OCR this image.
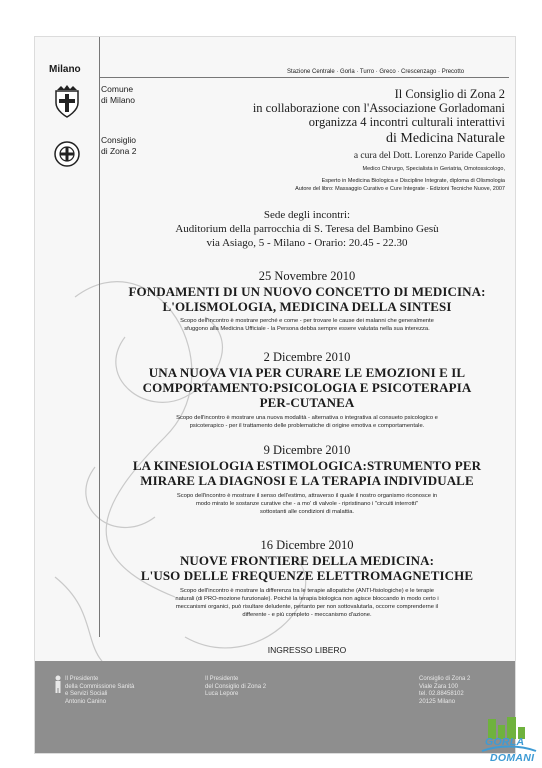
Milano	Stazione Centrale · Gorla · Turro · Greco · Crescenzago · Precotto
Comune
di Milano
Consiglio
di Zona 2
Il Consiglio di Zona 2
in collaborazione con l'Associazione Gorladomani
organizza 4 incontri culturali interattivi
di Medicina Naturale
a cura del Dott. Lorenzo Paride Capello
Medico Chirurgo, Specialista in Geriatria, Omotossicologo,
Esperto in Medicina Biologica e Discipline Integrate, diploma di Olismologia
Autore del libro: Massaggio Curativo e Cure Integrate - Edizioni Tecniche Nuove, 2007
Sede degli incontri:
Auditorium della parrocchia di S. Teresa del Bambino Gesù
via Asiago, 5 - Milano - Orario: 20.45 - 22.30
25 Novembre 2010
FONDAMENTI DI UN NUOVO CONCETTO DI MEDICINA:
L'OLISMOLOGIA, MEDICINA DELLA SINTESI
Scopo dell'incontro è mostrare perché e come - per trovare le cause dei malanni che generalmente
sfuggono alla Medicina Ufficiale - la Persona debba sempre essere valutata nella sua interezza.
2 Dicembre 2010
UNA NUOVA VIA PER CURARE LE EMOZIONI E IL
COMPORTAMENTO:PSICOLOGIA E PSICOTERAPIA
PER-CUTANEA
Scopo dell'incontro è mostrare una nuova modalità - alternativa o integrativa al consueto psicologico e
psicoterapico - per il trattamento delle problematiche di origine emotiva e comportamentale.
9 Dicembre 2010
LA KINESIOLOGIA ESTIMOLOGICA:STRUMENTO PER
MIRARE LA DIAGNOSI E LA TERAPIA INDIVIDUALE
Scopo dell'incontro è mostrare il senso dell'estimo, attraverso il quale il nostro organismo riconosce in
modo mirato le sostanze curative che - a mo' di valvole - ripristinano i "circuiti interrotti"
sottostanti alle condizioni di malattia.
16 Dicembre 2010
NUOVE FRONTIERE DELLA MEDICINA:
L'USO DELLE FREQUENZE ELETTROMAGNETICHE
Scopo dell'incontro è mostrare la differenza tra le terapie allopatiche (ANTI-fisiologiche) e le terapie
naturali (di PRO-mozione funzionale). Poiché la terapia biologica non agisce bloccando in modo certo i
meccanismi organici, può risultare deludente, pertanto per non sottovalutarla, occorre comprenderne il
differente - e più completo - meccanismo d'azione.
INGRESSO LIBERO
Il Presidente
della Commissione Sanità
e Servizi Sociali
Antonio Canino
Il Presidente
del Consiglio di Zona 2
Luca Lepore
Consiglio di Zona 2
Viale Zara 100
tel. 02.88458102
20125 Milano
GORLA
DOMANI
